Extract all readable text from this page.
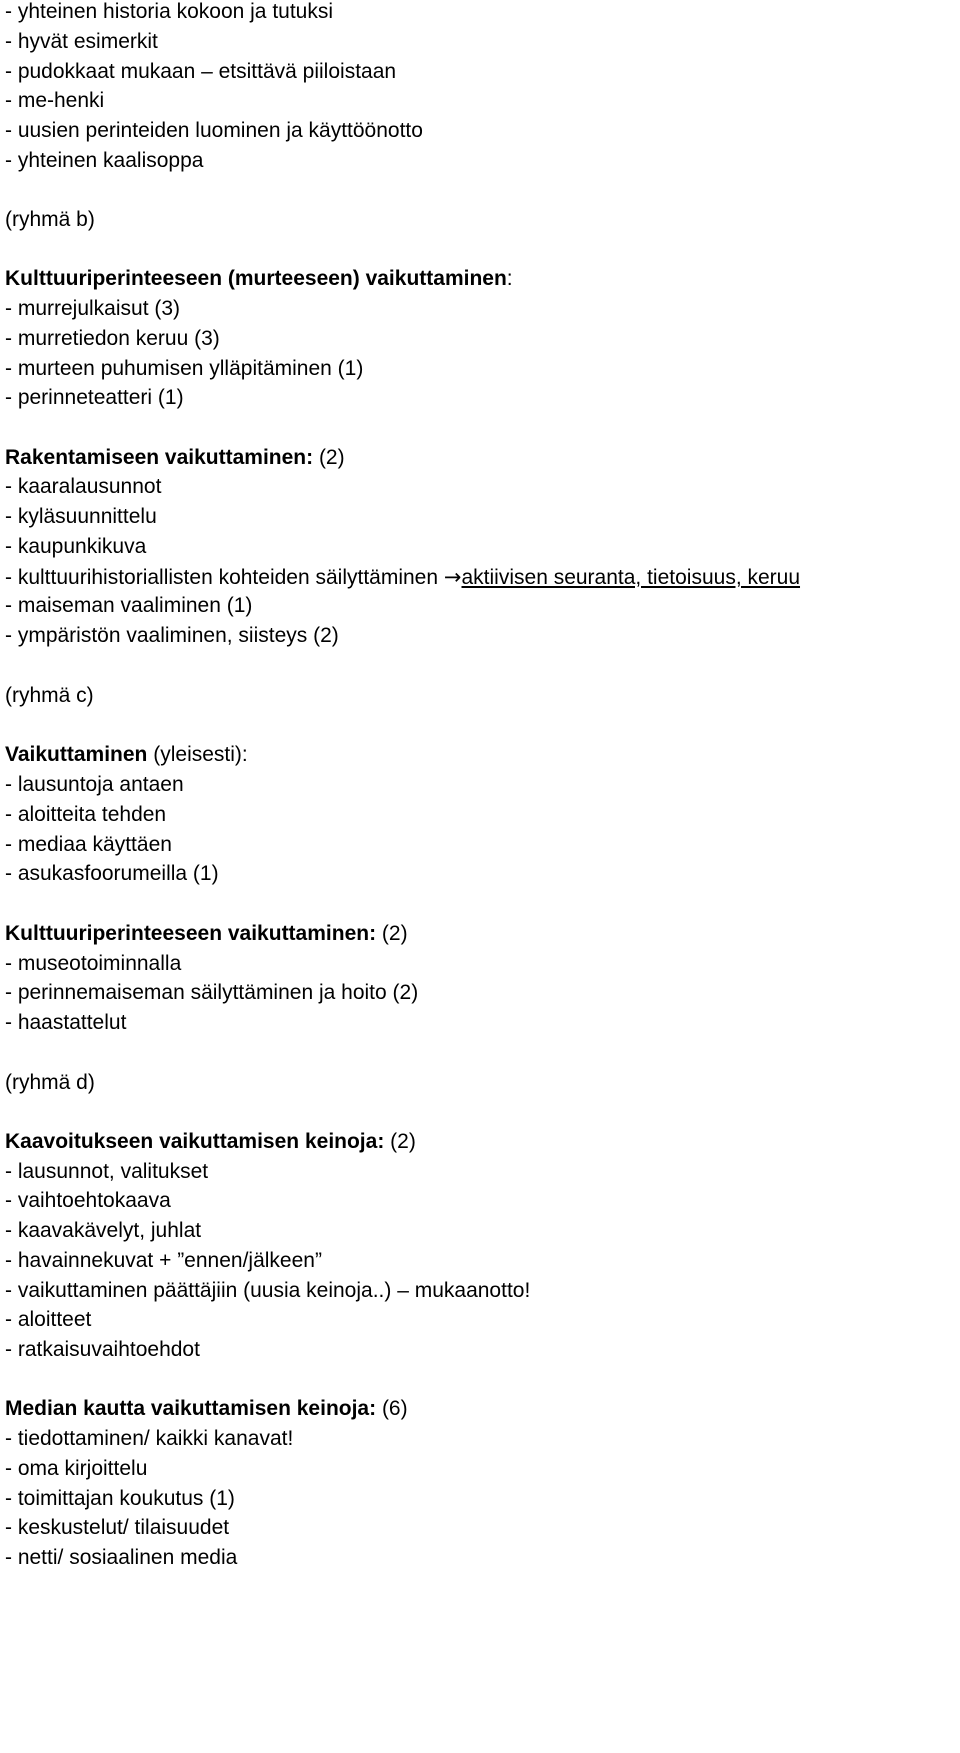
- yhteinen historia kokoon ja tutuksi
- hyvät esimerkit
- pudokkaat mukaan – etsittävä piiloistaan
- me-henki
- uusien perinteiden luominen ja käyttöönotto
- yhteinen kaalisoppa
(ryhmä b)
Kulttuuriperinteeseen (murteeseen) vaikuttaminen:
- murrejulkaisut (3)
- murretiedon keruu (3)
- murteen puhumisen ylläpitäminen (1)
- perinneteatteri (1)
Rakentamiseen vaikuttaminen: (2)
- kaaralausunnot
- kyläsuunnittelu
- kaupunkikuva
- kulttuurihistoriallisten kohteiden säilyttäminen →aktiivisen seuranta, tietoisuus, keruu
- maiseman vaaliminen (1)
- ympäristön vaaliminen, siisteys (2)
(ryhmä c)
Vaikuttaminen (yleisesti):
- lausuntoja antaen
- aloitteita tehden
- mediaa käyttäen
- asukasfoorumeilla (1)
Kulttuuriperinteeseen vaikuttaminen: (2)
- museotoiminnalla
- perinnemaiseman säilyttäminen ja hoito (2)
- haastattelut
(ryhmä d)
Kaavoitukseen vaikuttamisen keinoja: (2)
- lausunnot, valitukset
- vaihtoehtokaava
- kaavakävelyt, juhlat
- havainnekuvat + ”ennen/jälkeen”
- vaikuttaminen päättäjiin (uusia keinoja..) – mukaanotto!
- aloitteet
- ratkaisuvaihtoehdot
Median kautta vaikuttamisen keinoja: (6)
- tiedottaminen/ kaikki kanavat!
- oma kirjoittelu
- toimittajan koukutus (1)
- keskustelut/ tilaisuudet
- netti/ sosiaalinen media
